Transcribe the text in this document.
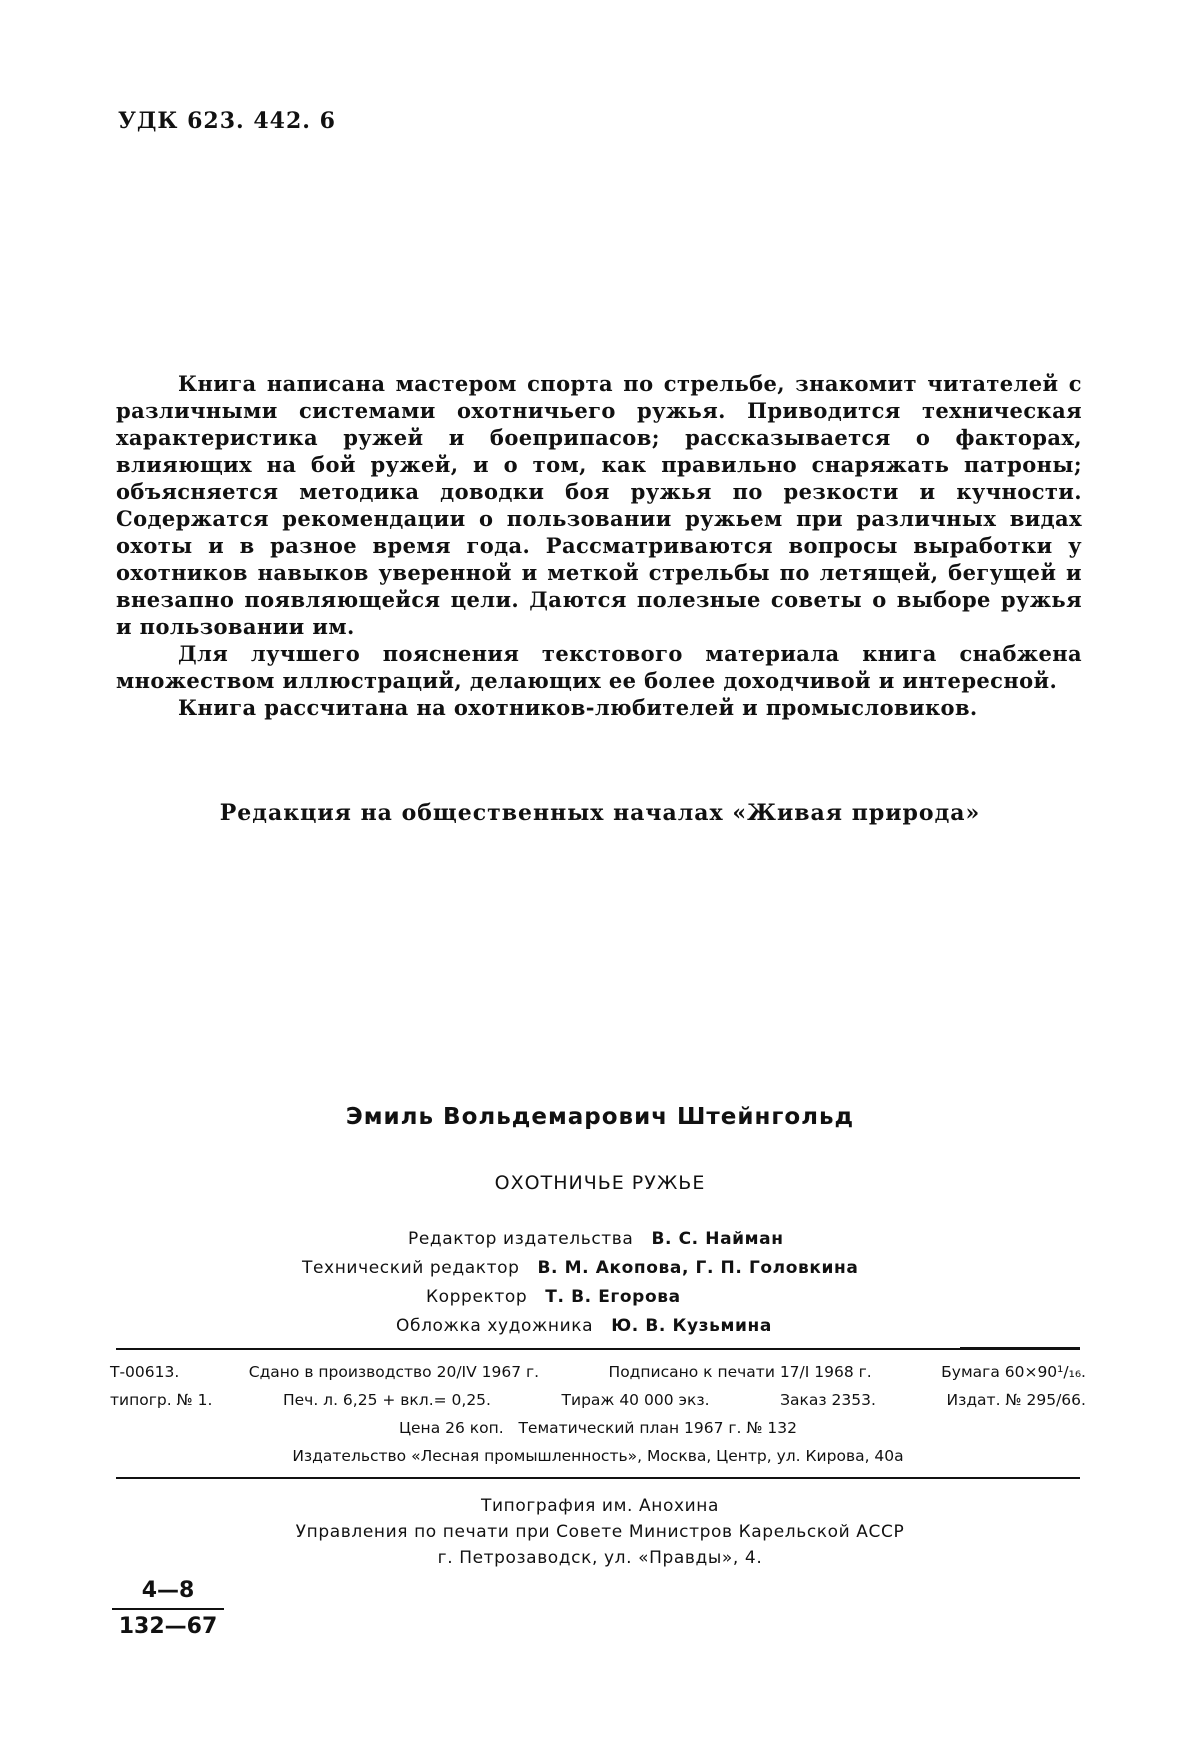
УДК 623. 442. 6

Книга написана мастером спорта по стрельбе, знакомит читателей с различными системами охотничьего ружья. Приводится техническая характеристика ружей и боеприпасов; рассказывается о факторах, влияющих на бой ружей, и о том, как правильно снаряжать патроны; объясняется методика доводки боя ружья по резкости и кучности. Содержатся рекомендации о пользовании ружьем при различных видах охоты и в разное время года. Рассматриваются вопросы выработки у охотников навыков уверенной и меткой стрельбы по летящей, бегущей и внезапно появляющейся цели. Даются полезные советы о выборе ружья и пользовании им.

Для лучшего пояснения текстового материала книга снабжена множеством иллюстраций, делающих ее более доходчивой и интересной.

Книга рассчитана на охотников-любителей и промысловиков.

Редакция на общественных началах «Живая природа»
Эмиль Вольдемарович Штейнгольд
ОХОТНИЧЬЕ РУЖЬЕ
Редактор издательства В. С. Найман
Технический редактор В. М. Акопова, Г. П. Головкина
Корректор Т. В. Егорова
Обложка художника Ю. В. Кузьмина
Т-00613.	Сдано в производство 20/IV 1967 г.	Подписано к печати 17/I 1968 г.	Бумага 60×90¹/₁₆.
типогр. № 1.	Печ. л. 6,25 + вкл.= 0,25.	Тираж 40 000 экз.	Заказ 2353.	Издат. № 295/66.
Цена 26 коп.   Тематический план 1967 г. № 132
Издательство «Лесная промышленность», Москва, Центр, ул. Кирова, 40а
Типография им. Анохина
Управления по печати при Совете Министров Карельской АССР
г. Петрозаводск, ул. «Правды», 4.
4—8
132—67
